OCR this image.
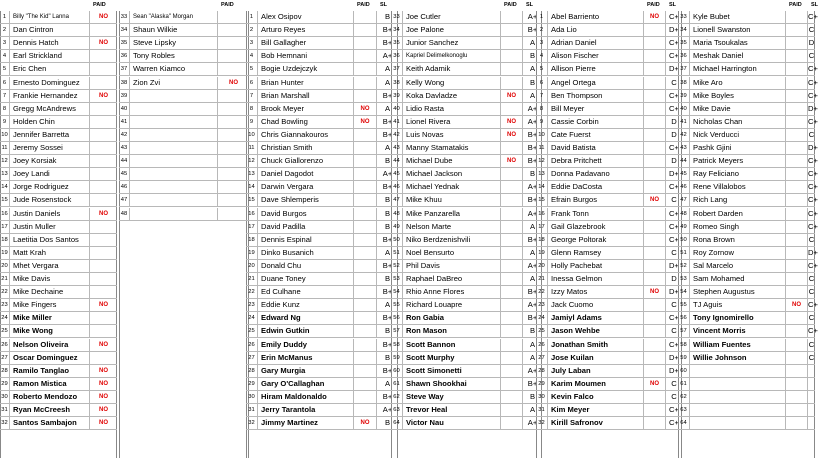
PAID
1	Billy "The Kid" Lanna	NO
2 Dan Cintron
3 Dennis Hatch	NO
4 Earl Strickland
5 Eric Chen
6 Ernesto Dominguez
7 Frankie Hernandez	NO
8 Gregg McAndrews
9 Holden Chin
10 Jennifer Barretta
11 Jeremy Sossei
12 Joey Korsiak
13 Joey Landi
14 Jorge Rodriguez
15 Jude Rosenstock
16 Justin Daniels	NO
17 Justin Muller
18 Laetitia Dos Santos
19 Matt Krah
20 Mhet Vergara
21 Mike Davis
22 Mike Dechaine
23 Mike Fingers	NO
24 Mike Miller
25 Mike Wong
26 Nelson Oliveira	NO
27 Oscar Dominguez
28 Ramilo Tanglao	NO
29 Ramon Mistica	NO
30 Roberto Mendozo	NO
31 Ryan McCreesh	NO
32 Santos Sambajon	NO
PAID
33 Sean "Alaska" Morgan
34 Shaun Wilkie
35 Steve Lipsky
36 Tony Robles
37 Warren Kiamco
38 Zion Zvi	NO
39
40
41
42
43
44
45
46
47
48
PAID SL
1	Alex Osipov	B
2	Arturo Reyes	B+
3	Bill Gallagher	B+
4	Bob Hemnani	A+
5	Bogie Uzdejczyk	A
6	Brian Hunter	A
7	Brian Marshall	B+
8	Brook Meyer	NO	A
9	Chad Bowling	NO	B+
10 Chris Giannakouros	B+
11 Christian Smith	A
12 Chuck Giallorenzo	B
13 Daniel Dagodot	A+
14 Darwin Vergara	B+
15 Dave Shlemperis	B
16 David Burgos	B
17 David Padilla	B
18 Dennis Espinal	B+
19 Dinko Busanich	A
20 Donald Chu	B+
21 Duane Toney	B
22 Ed Culhane	B+
23 Eddie Kunz	A
24 Edward Ng	B+
25 Edwin Gutkin	B
26 Emily Duddy	B+
27 Erin McManus	B
28 Gary Murgia	B+
29 Gary O'Callaghan	A
30 Hiram Maldonaldo	B+
31 Jerry Tarantola	A+
32 Jimmy Martinez	NO	B
PAID SL
33 Joe Cutler	A+
34 Joe Palone	B+
35 Junior Sanchez	A
36	Kapriel Delimelkonoglu	B
37 Keith Adamik	A
38 Kelly Wong	B
39 Koka Davladze	NO	A
40 Lidio Rasta	A+
41 Lionel Rivera	NO	A+
42 Luis Novas	NO	B+
43 Manny Stamatakis	B+
44 Michael Dube	NO	B+
45 Michael Jackson	B
46 Michael Yednak	A+
47 Mike Khuu	B+
48 Mike Panzarella	A+
49 Nelson Marte	A
50 Niko Berdzenishvili	B+
51 Noel Bensurto	A
52 Phil Davis	A+
53 Raphael DaBreo	A
54 Rhio Anne Flores	B+
55 Richard Louapre	A+
56 Ron Gabia	B+
57 Ron Mason	B
58 Scott Bannon	A
59 Scott Murphy	A
60 Scott Simonetti	A+
61 Shawn Shookhai	B+
62 Steve Way	B
63 Trevor Heal	A
64 Victor Nau	A+
PAID SL
1	Abel Barriento	NO	C+
2	Ada Lio	D+
3	Adrian Daniel	C+
4	Alison Fischer	C+
5	Allison Pierre	D+
6	Angel Ortega	C
7	Ben Thompson	C+
8	Bill Meyer	C+
9	Cassie Corbin	D
10 Cate Fuerst	D
11 David Batista	C+
12 Debra Pritchett	D
13 Donna Padavano	D+
14 Eddie DaCosta	C+
15 Efrain Burgos	NO	C
16 Frank Tonn	C+
17 Gail Glazebrook	C+
18 George Poltorak	C+
19 Glenn Ramsey	C
20 Holly Pachebat	D+
21 Inessa Gelmon	D
22 Izzy Matos	NO	D+
23 Jack Cuomo	C
24 Jamiyl Adams	C+
25 Jason Wehbe	C
26 Jonathan Smith	C+
27 Jose Kuilan	D+
28 July Laban	D+
29 Karim Moumen	NO	C
30 Kevin Falco	C
31 Kim Meyer	C+
32 Kirill Safronov	C+
PAID SL
33 Kyle Bubet	C+
34 Lionell Swanston	C
35 Maria Tsoukalas	D
36 Meshak Daniel	C
37 Michael Harrington	C+
38 Mike Aro	C+
39 Mike Boyles	C+
40 Mike Davie	D+
41 Nicholas Chan	C+
42 Nick Verducci	C
43 Pashk Gjini	D+
44 Patrick Meyers	C+
45 Ray Feliciano	C+
46 Rene Villalobos	C+
47 Rich Lang	C+
48 Robert Darden	C+
49 Romeo Singh	C+
50 Rona Brown	C
51 Roy Zornow	D+
52 Sal Marcelo	C+
53 Sam Mohamed	C
54 Stephen Augustus	C
55 TJ Aguis	NO C+
56 Tony Ignomirello	C
57 Vincent Morris	C+
58 William Fuentes	C
59 Willie Johnson	C
60
61
62
63
64
